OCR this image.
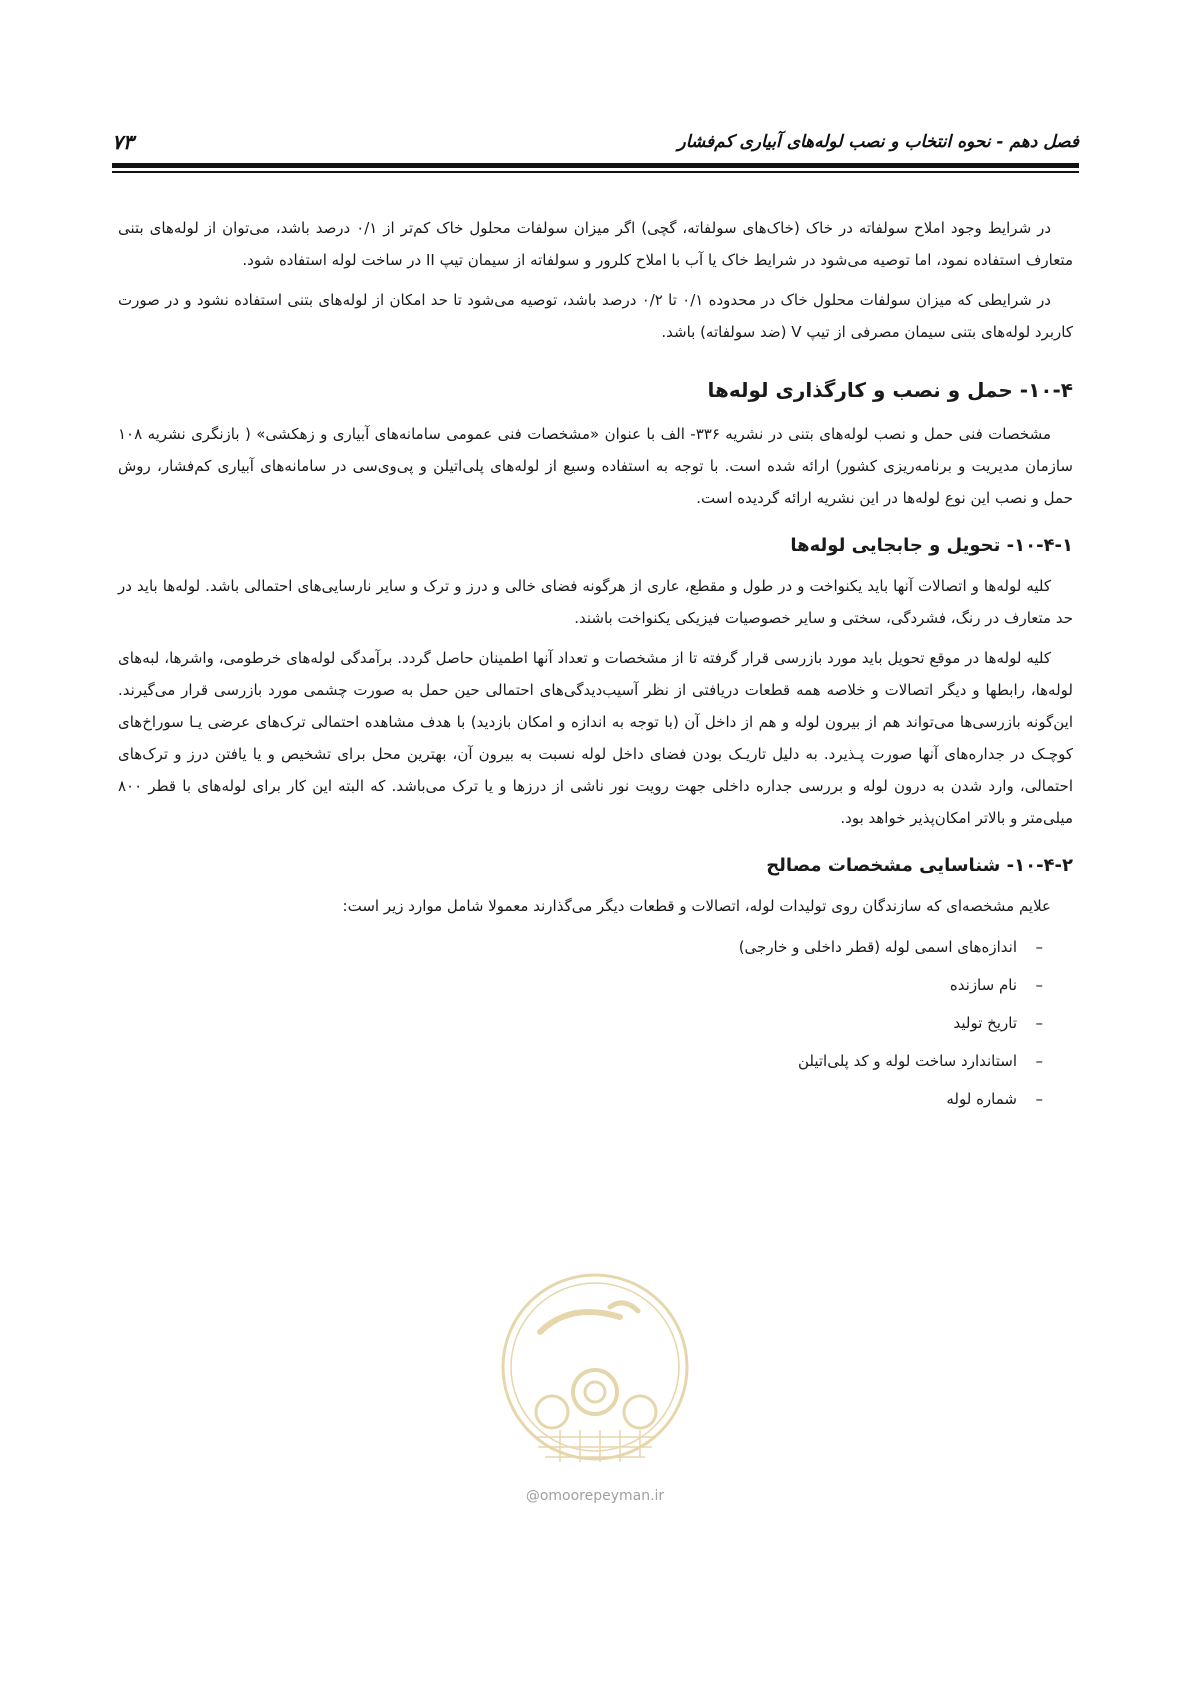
فصل دهم - نحوه انتخاب و نصب لوله‌های آبیاری کم‌فشار
۷۳

در شرایط وجود املاح سولفاته در خاک (خاک‌های سولفاته، گچی) اگر میزان سولفات محلول خاک کم‌تر از ۰/۱ درصد باشد، می‌توان از لوله‌های بتنی متعارف استفاده نمود، اما توصیه می‌شود در شرایط خاک یا آب با املاح کلرور و سولفاته از سیمان تیپ II در ساخت لوله استفاده شود.

در شرایطی که میزان سولفات محلول خاک در محدوده ۰/۱ تا ۰/۲ درصد باشد، توصیه می‌شود تا حد امکان از لوله‌های بتنی استفاده نشود و در صورت کاربرد لوله‌های بتنی سیمان مصرفی از تیپ V (ضد سولفاته) باشد.

۱۰-۴- حمل و نصب و کارگذاری لوله‌ها

مشخصات فنی حمل و نصب لوله‌های بتنی در نشریه ۳۳۶- الف با عنوان «مشخصات فنی عمومی سامانه‌های آبیاری و زهکشی» ( بازنگری نشریه ۱۰۸ سازمان مدیریت و برنامه‌ریزی کشور) ارائه شده است. با توجه به استفاده وسیع از لوله‌های پلی‌اتیلن و پی‌وی‌سی در سامانه‌های آبیاری کم‌فشار، روش حمل و نصب این نوع لوله‌ها در این نشریه ارائه گردیده است.

۱۰-۴-۱- تحویل و جابجایی لوله‌ها

کلیه لوله‌ها و اتصالات آنها باید یکنواخت و در طول و مقطع، عاری از هرگونه فضای خالی و درز و ترک و سایر نارسایی‌های احتمالی باشد. لوله‌ها باید در حد متعارف در رنگ، فشردگی، سختی و سایر خصوصیات فیزیکی یکنواخت باشند.

کلیه لوله‌ها در موقع تحویل باید مورد بازرسی قرار گرفته تا از مشخصات و تعداد آنها اطمینان حاصل گردد. برآمدگی لوله‌های خرطومی، واشرها، لبه‌های لوله‌ها، رابطها و دیگر اتصالات و خلاصه همه قطعات دریافتی از نظر آسیب‌دیدگی‌های احتمالی حین حمل به صورت چشمی مورد بازرسی قرار می‌گیرند. این‌گونه بازرسی‌ها می‌تواند هم از بیرون لوله و هم از داخل آن (با توجه به اندازه و امکان بازدید) با هدف مشاهده احتمالی ترک‌های عرضی یـا سوراخ‌های کوچـک در جداره‌های آنها صورت پـذیرد. به دلیل تاریـک بودن فضای داخل لوله نسبت به بیرون آن، بهترین محل برای تشخیص و یا یافتن درز و ترک‌های احتمالی، وارد شدن به درون لوله و بررسی جداره داخلی جهت رویت نور ناشی از درزها و یا ترک می‌باشد. که البته این کار برای لوله‌های با قطر ۸۰۰ میلی‌متر و بالاتر امکان‌پذیر خواهد بود.

۱۰-۴-۲- شناسایی مشخصات مصالح

علایم مشخصه‌ای که سازندگان روی تولیدات لوله، اتصالات و قطعات دیگر می‌گذارند معمولا شامل موارد زیر است:

–اندازه‌های اسمی لوله (قطر داخلی و خارجی)
–نام سازنده
–تاریخ تولید
–استاندارد ساخت لوله و کد پلی‌اتیلن
–شماره لوله
@omoorepeyman.ir
